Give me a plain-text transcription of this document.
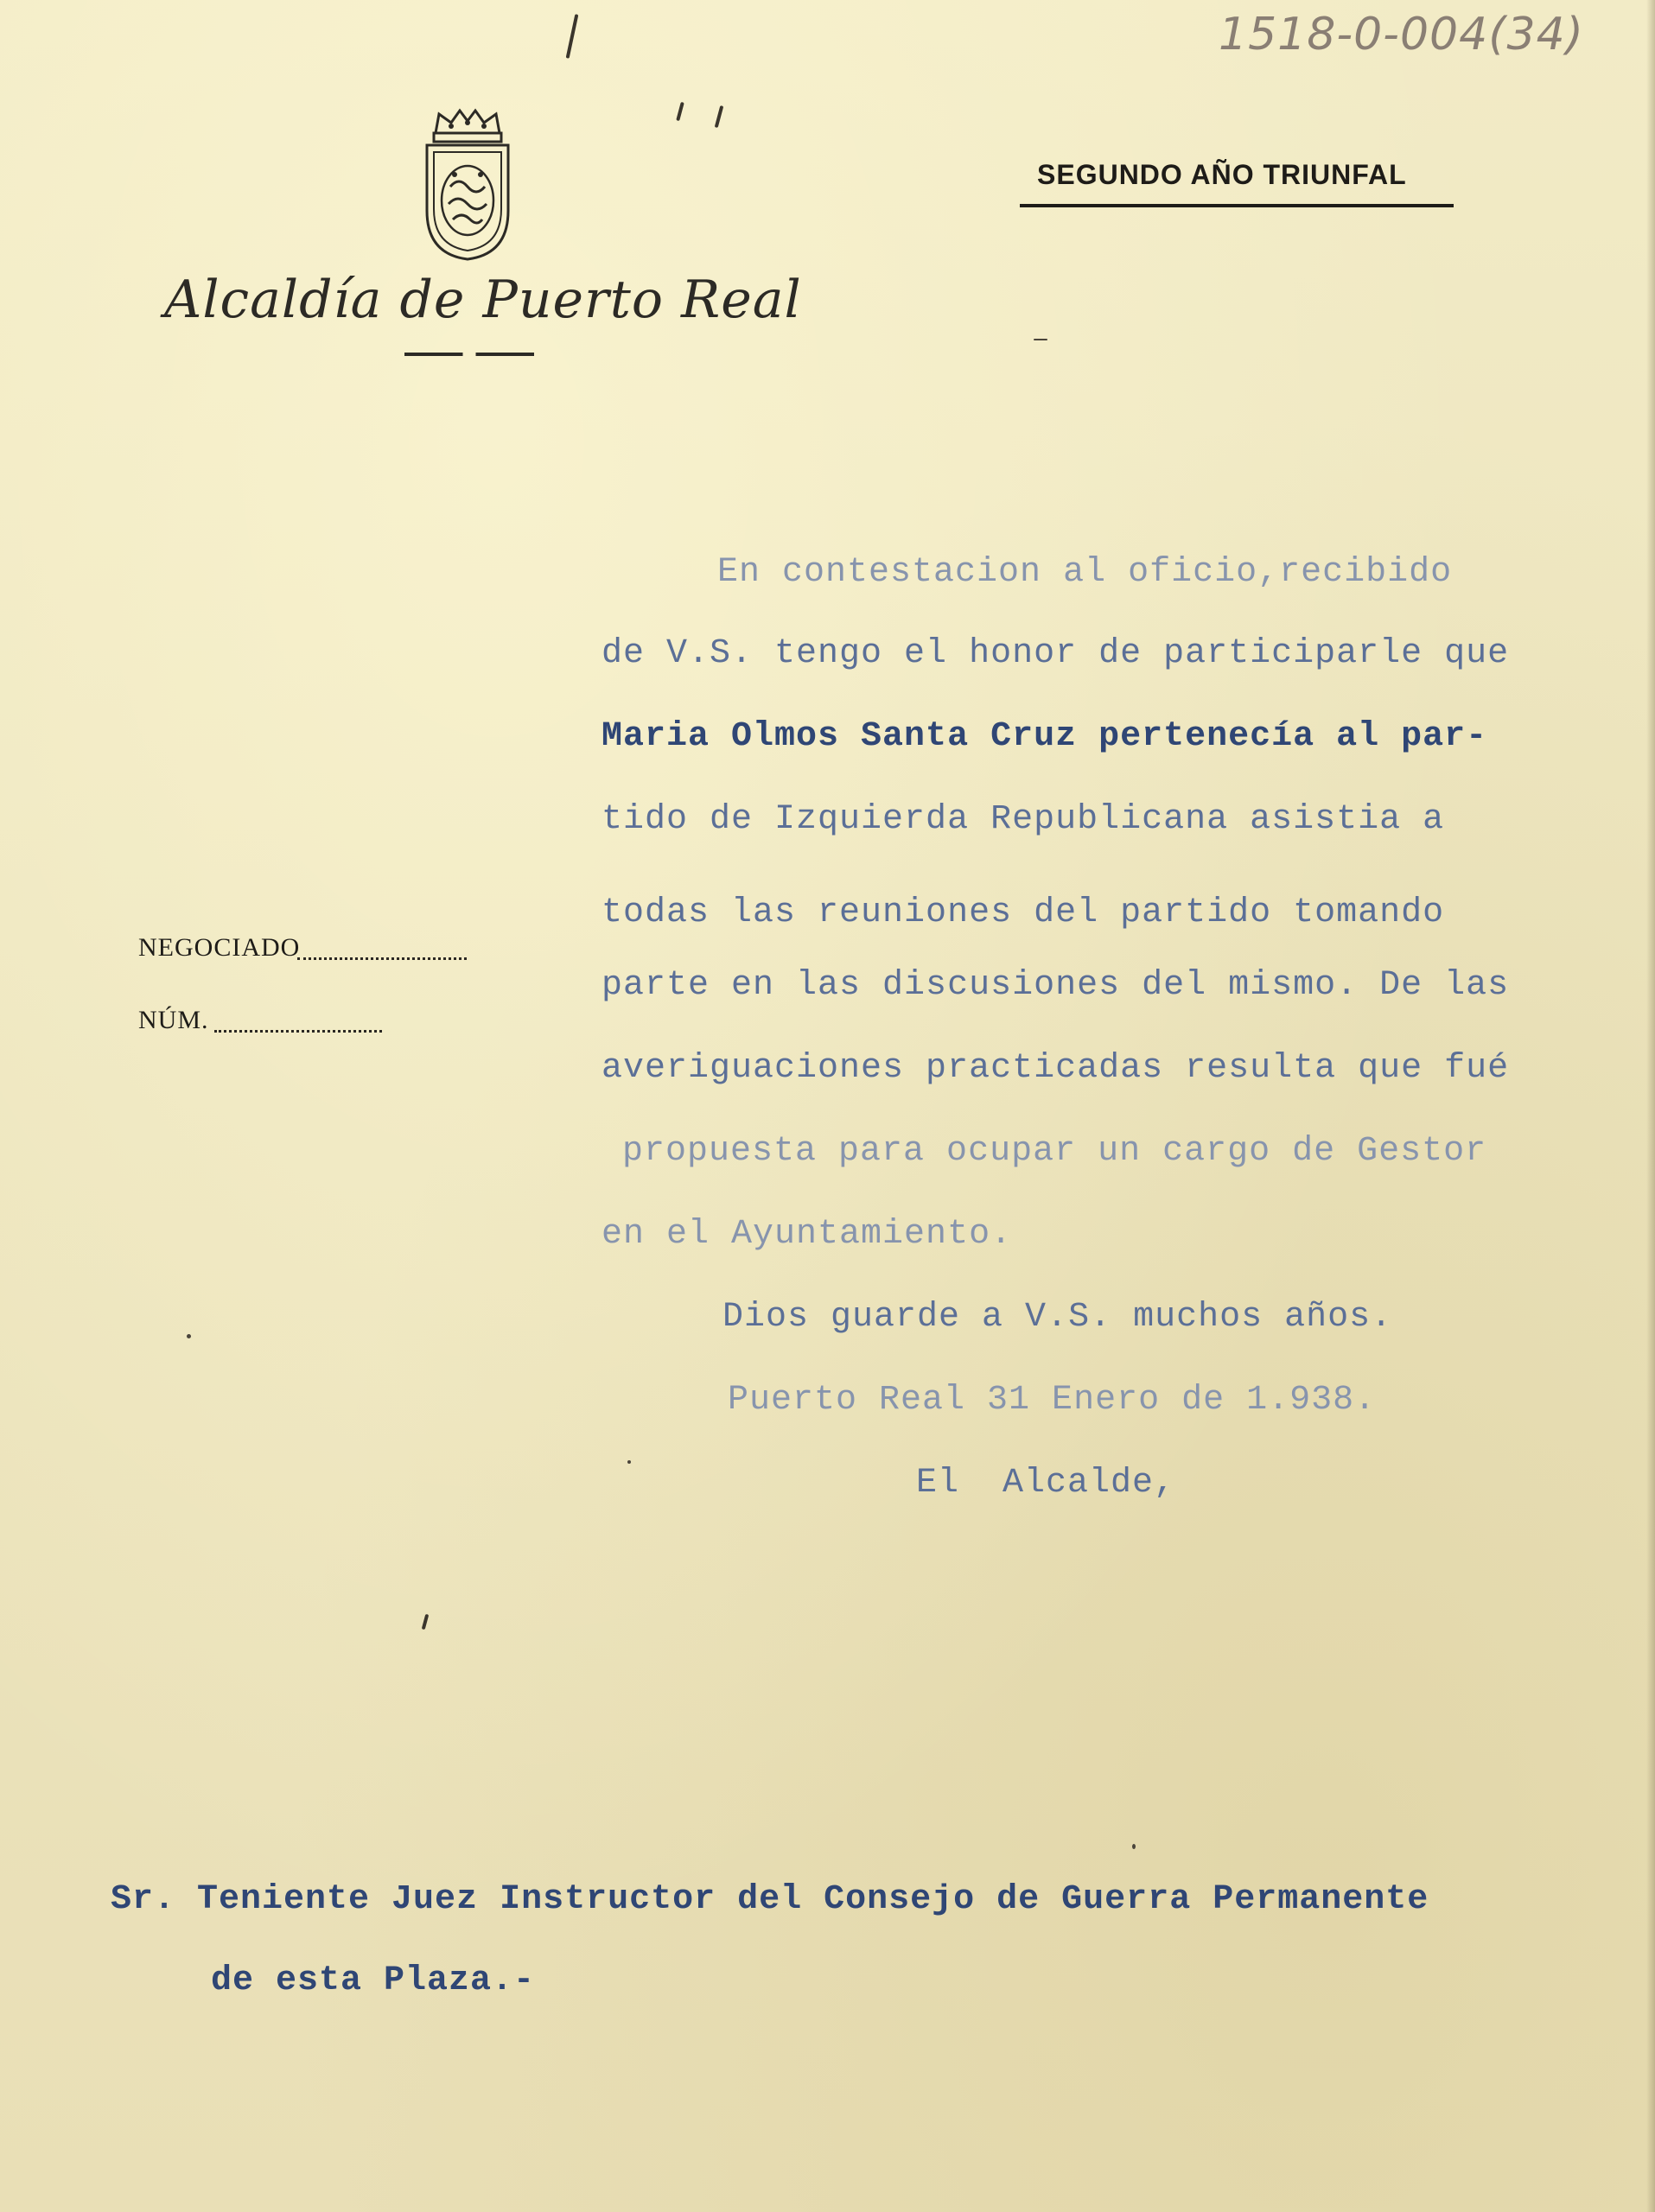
1518-0-004(34)
Alcaldía de Puerto Real
SEGUNDO AÑO TRIUNFAL
NEGOCIADO
NÚM.
En contestacion al oficio,recibido
de V.S. tengo el honor de participarle que
Maria Olmos Santa Cruz pertenecía al par-
tido de Izquierda Republicana asistia a
todas las reuniones del partido tomando
parte en las discusiones del mismo. De las
averiguaciones practicadas resulta que fué
propuesta para ocupar un cargo de Gestor
en el Ayuntamiento.
Dios guarde a V.S. muchos años.
Puerto Real 31 Enero de 1.938.
El  Alcalde,
Sr. Teniente Juez Instructor del Consejo de Guerra Permanente
de esta Plaza.-
